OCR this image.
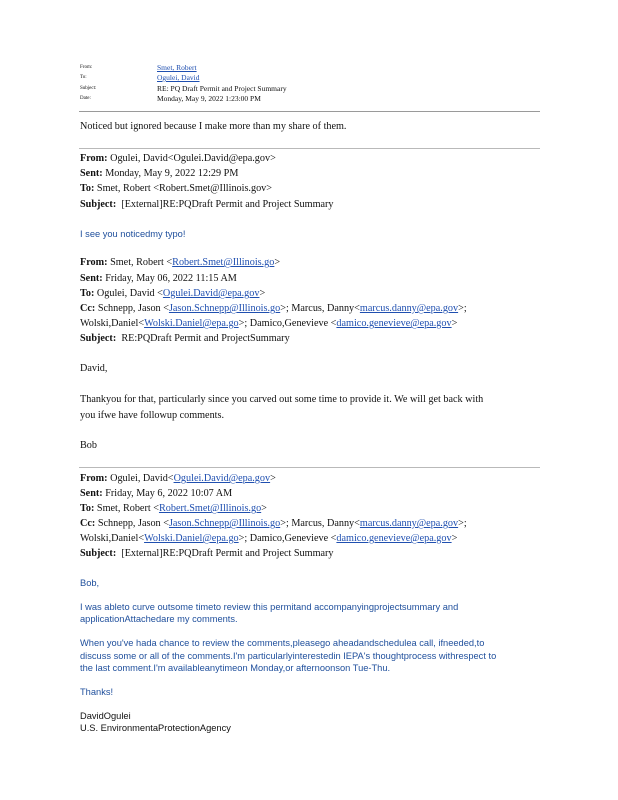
From:	Smet, Robert
To:	Ogulei, David
Subject:	RE: PQ Draft Permit and Project Summary
Date:	Monday, May 9, 2022 1:23:00 PM
Noticed but ignored because I make more than my share of them.
From: Ogulei, David<Ogulei.David@epa.gov>
Sent: Monday, May 9, 2022 12:29 PM
To: Smet, Robert <Robert.Smet@Illinois.gov>
Subject: [External]RE:PQDraft Permit and Project Summary
I see you noticedmy typo!
From: Smet, Robert <Robert.Smet@Illinois.go>
Sent: Friday, May 06, 2022 11:15 AM
To: Ogulei, David <Ogulei.David@epa.gov>
Cc: Schnepp, Jason <Jason.Schnepp@Illinois.go>; Marcus, Danny<marcus.danny@epa.gov>;
Wolski,Daniel<Wolski.Daniel@epa.go>; Damico,Genevieve <damico.genevieve@epa.gov>
Subject: RE:PQDraft Permit and ProjectSummary
David,
Thankyou for that, particularly since you carved out some time to provide it. We will get back with
you ifwe have followup comments.
Bob
From: Ogulei, David<Ogulei.David@epa.gov>
Sent: Friday, May 6, 2022 10:07 AM
To: Smet, Robert <Robert.Smet@Illinois.go>
Cc: Schnepp, Jason <Jason.Schnepp@Illinois.go>; Marcus, Danny<marcus.danny@epa.gov>;
Wolski,Daniel<Wolski.Daniel@epa.go>; Damico,Genevieve <damico.genevieve@epa.gov>
Subject: [External]RE:PQDraft Permit and Project Summary
Bob,
I was ableto curve outsome timeto review this permitand accompanyingprojectsummary and
applicationAttachedare my comments.
When you've hada chance to review the comments,pleasego aheadandschedulea call, ifneeded,to
discuss some or all of the comments.I'm particularlyinterestedin IEPA's thoughtprocess withrespect to
the last comment.I'm availableanytimeon Monday,or afternoonson Tue-Thu.
Thanks!
DavidOgulei
U.S. EnvironmentaProtectionAgency
